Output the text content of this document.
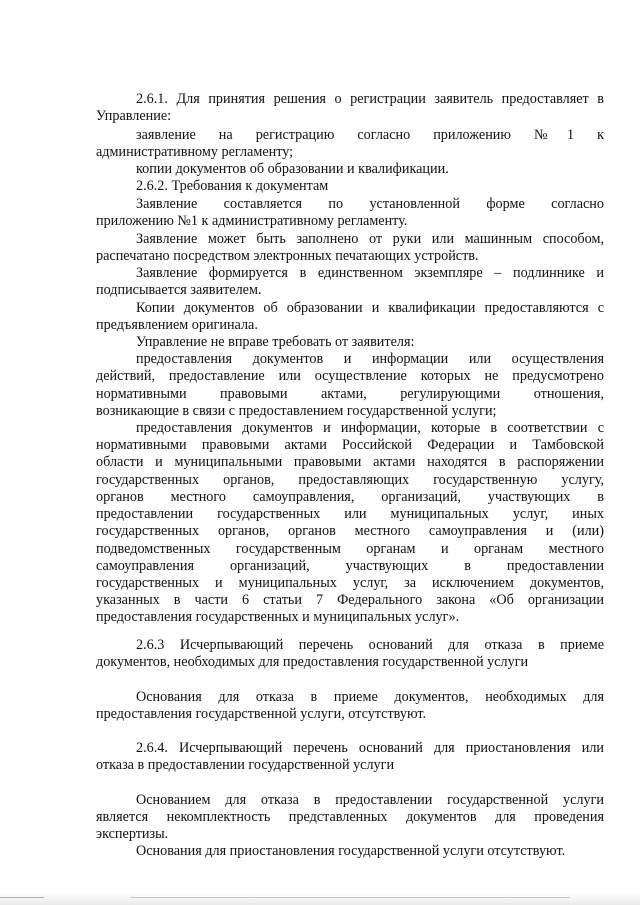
2.6.1. Для принятия решения о регистрации заявитель предоставляет в

Управление:

заявление на регистрацию согласно приложению №1 к

административному регламенту;

копии документов об образовании и квалификации.

2.6.2. Требования к документам

Заявление составляется по установленной форме согласно

приложению №1 к административному регламенту.

Заявление может быть заполнено от руки или машинным способом,

распечатано посредством электронных печатающих устройств.

Заявление формируется в единственном экземпляре – подлиннике и

подписывается заявителем.

Копии документов об образовании и квалификации предоставляются с

предъявлением оригинала.

Управление не вправе требовать от заявителя:

предоставления документов и информации или осуществления

действий, предоставление или осуществление которых не предусмотрено

нормативными правовыми актами, регулирующими отношения,

возникающие в связи с предоставлением государственной услуги;

предоставления документов и информации, которые в соответствии с

нормативными правовыми актами Российской Федерации и Тамбовской

области и муниципальными правовыми актами находятся в распоряжении

государственных органов, предоставляющих государственную услугу,

органов местного самоуправления, организаций, участвующих в

предоставлении государственных или муниципальных услуг, иных

государственных органов, органов местного самоуправления и (или)

подведомственных государственным органам и органам местного

самоуправления организаций, участвующих в предоставлении

государственных и муниципальных услуг, за исключением документов,

указанных в части 6 статьи 7 Федерального закона «Об организации

предоставления государственных и муниципальных услуг».

2.6.3 Исчерпывающий перечень оснований для отказа в приеме

документов, необходимых для предоставления государственной услуги

Основания для отказа в приеме документов, необходимых для

предоставления государственной услуги, отсутствуют.

2.6.4. Исчерпывающий перечень оснований для приостановления или

отказа в предоставлении государственной услуги

Основанием для отказа в предоставлении государственной услуги

является некомплектность представленных документов для проведения

экспертизы.

Основания для приостановления государственной услуги отсутствуют.
